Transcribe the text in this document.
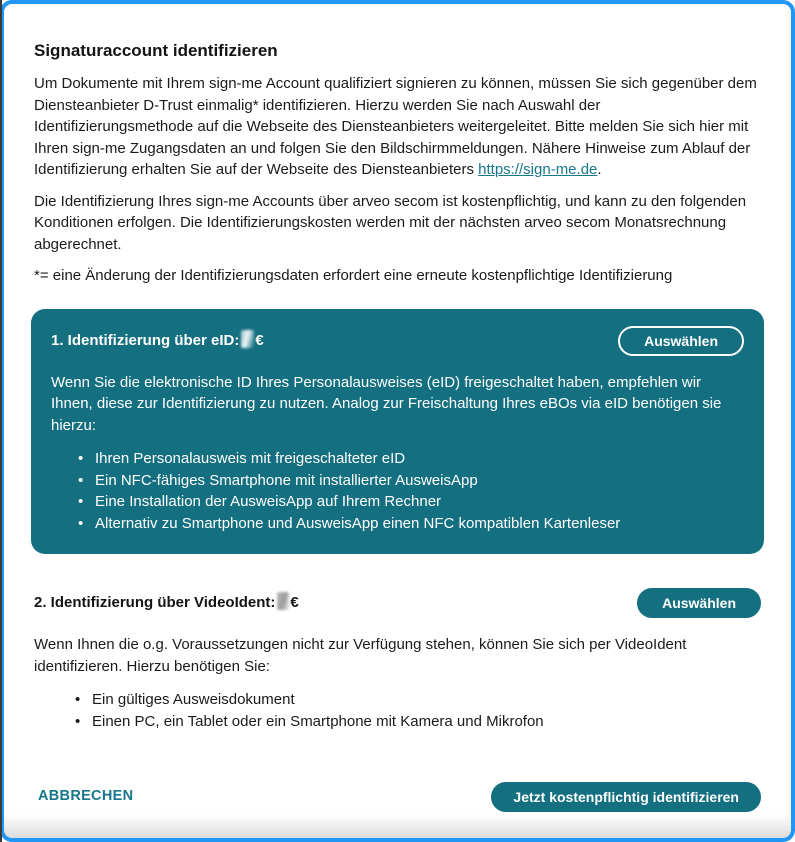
Signaturaccount identifizieren

Um Dokumente mit Ihrem sign-me Account qualifiziert signieren zu können, müssen Sie sich gegenüber dem Diensteanbieter D-Trust einmalig* identifizieren. Hierzu werden Sie nach Auswahl der Identifizierungsmethode auf die Webseite des Diensteanbieters weitergeleitet. Bitte melden Sie sich hier mit Ihren sign-me Zugangsdaten an und folgen Sie den Bildschirmmeldungen. Nähere Hinweise zum Ablauf der Identifizierung erhalten Sie auf der Webseite des Diensteanbieters https://sign-me.de.

Die Identifizierung Ihres sign-me Accounts über arveo secom ist kostenpflichtig, und kann zu den folgenden Konditionen erfolgen. Die Identifizierungskosten werden mit der nächsten arveo secom Monatsrechnung abgerechnet.

*= eine Änderung der Identifizierungsdaten erfordert eine erneute kostenpflichtige Identifizierung

1. Identifizierung über eID: €	Auswählen

Wenn Sie die elektronische ID Ihres Personalausweises (eID) freigeschaltet haben, empfehlen wir Ihnen, diese zur Identifizierung zu nutzen. Analog zur Freischaltung Ihres eBOs via eID benötigen sie hierzu:

• Ihren Personalausweis mit freigeschalteter eID
• Ein NFC-fähiges Smartphone mit installierter AusweisApp
• Eine Installation der AusweisApp auf Ihrem Rechner
• Alternativ zu Smartphone und AusweisApp einen NFC kompatiblen Kartenleser
2. Identifizierung über VideoIdent: €	Auswählen

Wenn Ihnen die o.g. Voraussetzungen nicht zur Verfügung stehen, können Sie sich per VideoIdent identifizieren. Hierzu benötigen Sie:

• Ein gültiges Ausweisdokument
• Einen PC, ein Tablet oder ein Smartphone mit Kamera und Mikrofon
ABBRECHEN	Jetzt kostenpflichtig identifizieren
